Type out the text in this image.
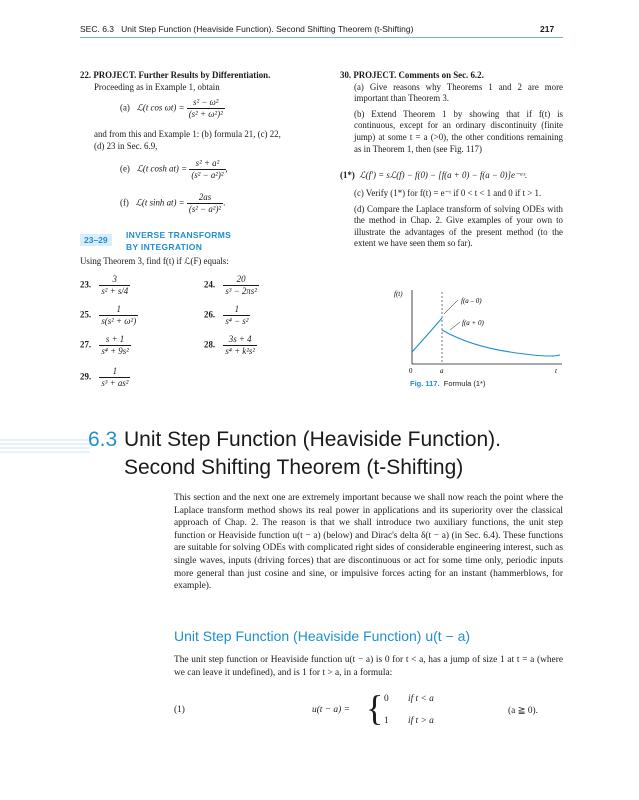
SEC. 6.3 Unit Step Function (Heaviside Function). Second Shifting Theorem (t-Shifting)	217

22. PROJECT. Further Results by Differentiation.

Proceeding as in Example 1, obtain

(a) ℒ(t $\cos \omega t) = \frac{\text{s² − ω²}}{\text{(s² + ω²)²}}$

and from this and Example 1: (b) formula 21, (c) 22,

(d) 23 in Sec. 6.9,

(e) ℒ(t $\cosh at) = \frac{\text{s² + a²}}{\text{(s² − a²)²}}$ ,
(f) ℒ(t $\sinh at) = \frac{2as}{\text{(s² − a²)²}}$ .
23–29	INVERSE TRANSFORMS
BY INTEGRATION
Using Theorem 3, find f(t) if ℒ(F) equals:
23. $\frac{3}{\text{s² + s/4}}$	24. $\frac{20}{\text{s³ − 2πs²}}$
25. $\frac{1}{\text{s(s² + ω²)}}$	26. $\frac{1}{\text{s⁴ − s²}}$
27. $\frac{s + 1}{\text{s⁴ + 9s²}}$	28. $\frac{3s + 4}{\text{s⁴ + k²s²}}$
29. $\frac{1}{\text{s³ + as²}}$

30. PROJECT. Comments on Sec. 6.2.

(a) Give reasons why Theorems 1 and 2 are more important than Theorem 3.

(b) Extend Theorem 1 by showing that if f(t) is continuous, except for an ordinary discontinuity (finite jump) at some t = a (>0), the other conditions remaining as in Theorem 1, then (see Fig. 117)

(1*) ℒ(f′) = sℒ(f) − f(0) − [f(a + 0) − f(a − 0)]e⁻ᵃˢ.

(c) Verify (1*) for f(t) = e⁻ᵗ if 0 < t < 1 and 0 if t > 1.

(d) Compare the Laplace transform of solving ODEs with the method in Chap. 2. Give examples of your own to illustrate the advantages of the present method (to the extent we have seen them so far).

f(t)
f(a – 0)
f(a + 0)
0	a	t
Fig. 117. Formula (1*)
6.3 Unit Step Function (Heaviside Function).
Second Shifting Theorem (t-Shifting)
This section and the next one are extremely important because we shall now reach the point where the Laplace transform method shows its real power in applications and its superiority over the classical approach of Chap. 2. The reason is that we shall introduce two auxiliary functions, the unit step function or Heaviside function u(t − a) (below) and Dirac's delta δ(t − a) (in Sec. 6.4). These functions are suitable for solving ODEs with complicated right sides of considerable engineering interest, such as single waves, inputs (driving forces) that are discontinuous or act for some time only, periodic inputs more general than just cosine and sine, or impulsive forces acting for an instant (hammerblows, for example).
Unit Step Function (Heaviside Function) u(t − a)
The unit step function or Heaviside function u(t − a) is 0 for t < a, has a jump of size 1 at t = a (where we can leave it undefined), and is 1 for t > a, in a formula:
(1)	u(t − a) = { 0 if t < a
1 if t > a
(a ≧ 0).
